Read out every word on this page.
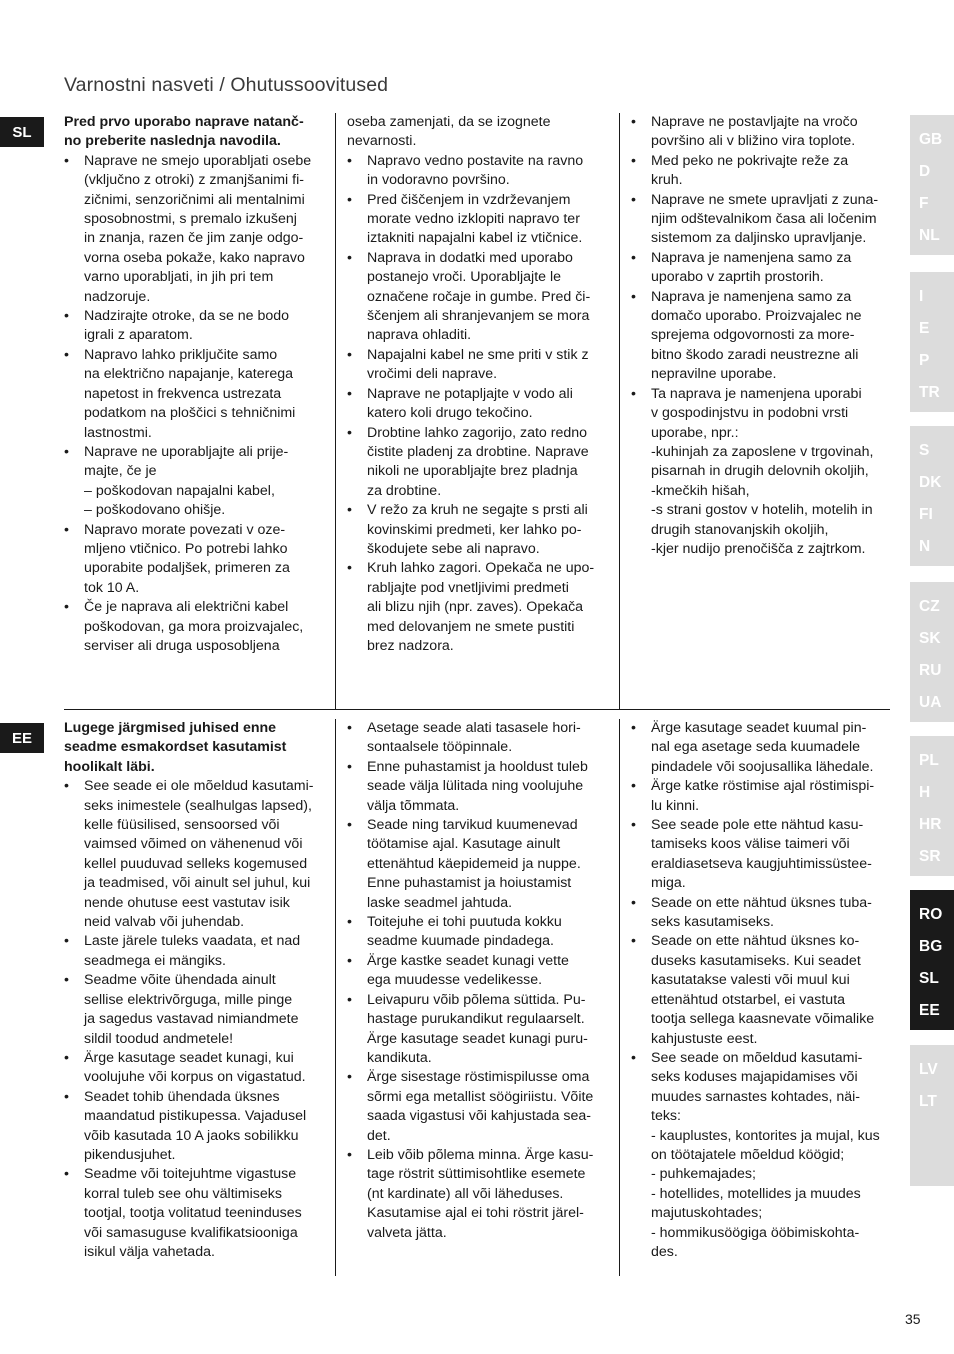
Varnostni nasveti / Ohutussoovitused
SL
Pred prvo uporabo naprave natanč-
no preberite naslednja navodila.
• Naprave ne smejo uporabljati osebe
(vključno z otroki) z zmanjšanimi fi-
zičnimi, senzoričnimi ali mentalnimi
sposobnostmi, s premalo izkušenj
in znanja, razen če jim zanje odgo-
vorna oseba pokaže, kako napravo
varno uporabljati, in jih pri tem
nadzoruje.
• Nadzirajte otroke, da se ne bodo
igrali z aparatom.
• Napravo lahko priključite samo
na električno napajanje, katerega
napetost in frekvenca ustrezata
podatkom na ploščici s tehničnimi
lastnostmi.
• Naprave ne uporabljajte ali prije-
majte, če je
– poškodovan napajalni kabel,
– poškodovano ohišje.
• Napravo morate povezati v oze-
mljeno vtičnico. Po potrebi lahko
uporabite podaljšek, primeren za
tok 10 A.
• Če je naprava ali električni kabel
poškodovan, ga mora proizvajalec,
serviser ali druga usposobljena
oseba zamenjati, da se izognete
nevarnosti.
• Napravo vedno postavite na ravno
in vodoravno površino.
• Pred čiščenjem in vzdrževanjem
morate vedno izklopiti napravo ter
iztakniti napajalni kabel iz vtičnice.
• Naprava in dodatki med uporabo
postanejo vroči. Uporabljajte le
označene ročaje in gumbe. Pred či-
ščenjem ali shranjevanjem se mora
naprava ohladiti.
• Napajalni kabel ne sme priti v stik z
vročimi deli naprave.
• Naprave ne potapljajte v vodo ali
katero koli drugo tekočino.
• Drobtine lahko zagorijo, zato redno
čistite pladenj za drobtine. Naprave
nikoli ne uporabljajte brez pladnja
za drobtine.
• V režo za kruh ne segajte s prsti ali
kovinskimi predmeti, ker lahko po-
škodujete sebe ali napravo.
• Kruh lahko zagori. Opekača ne upo-
rabljajte pod vnetljivimi predmeti
ali blizu njih (npr. zaves). Opekača
med delovanjem ne smete pustiti
brez nadzora.
• Naprave ne postavljajte na vročo
površino ali v bližino vira toplote.
• Med peko ne pokrivajte reže za
kruh.
• Naprave ne smete upravljati z zuna-
njim odštevalnikom časa ali ločenim
sistemom za daljinsko upravljanje.
• Naprava je namenjena samo za
uporabo v zaprtih prostorih.
• Naprava je namenjena samo za
domačo uporabo. Proizvajalec ne
sprejema odgovornosti za more-
bitno škodo zaradi neustrezne ali
nepravilne uporabe.
• Ta naprava je namenjena uporabi
v gospodinjstvu in podobni vrsti
uporabe, npr.:
-kuhinjah za zaposlene v trgovinah,
pisarnah in drugih delovnih okoljih,
-kmečkih hišah,
-s strani gostov v hotelih, motelih in
drugih stanovanjskih okoljih,
-kjer nudijo prenočišča z zajtrkom.
EE
Lugege järgmised juhised enne
seadme esmakordset kasutamist
hoolikalt läbi.
• See seade ei ole mõeldud kasutami-
seks inimestele (sealhulgas lapsed),
kelle füüsilised, sensoorsed või
vaimsed võimed on vähenenud või
kellel puuduvad selleks kogemused
ja teadmised, või ainult sel juhul, kui
nende ohutuse eest vastutav isik
neid valvab või juhendab.
• Laste järele tuleks vaadata, et nad
seadmega ei mängiks.
• Seadme võite ühendada ainult
sellise elektrivõrguga, mille pinge
ja sagedus vastavad nimiandmete
sildil toodud andmetele!
• Ärge kasutage seadet kunagi, kui
voolujuhe või korpus on vigastatud.
• Seadet tohib ühendada üksnes
maandatud pistikupessa. Vajadusel
võib kasutada 10 A jaoks sobilikku
pikendusjuhet.
• Seadme või toitejuhtme vigastuse
korral tuleb see ohu vältimiseks
tootjal, tootja volitatud teeninduses
või samasuguse kvalifikatsiooniga
isikul välja vahetada.
• Asetage seade alati tasasele hori-
sontaalsele tööpinnale.
• Enne puhastamist ja hooldust tuleb
seade välja lülitada ning voolujuhe
välja tõmmata.
• Seade ning tarvikud kuumenevad
töötamise ajal. Kasutage ainult
ettenähtud käepidemeid ja nuppe.
Enne puhastamist ja hoiustamist
laske seadmel jahtuda.
• Toitejuhe ei tohi puutuda kokku
seadme kuumade pindadega.
• Ärge kastke seadet kunagi vette
ega muudesse vedelikesse.
• Leivapuru võib põlema süttida. Pu-
hastage purukandikut regulaarselt.
Ärge kasutage seadet kunagi puru-
kandikuta.
• Ärge sisestage röstimispilusse oma
sõrmi ega metallist söögiriistu. Võite
saada vigastusi või kahjustada sea-
det.
• Leib võib põlema minna. Ärge kasu-
tage röstrit süttimisohtlike esemete
(nt kardinate) all või läheduses.
Kasutamise ajal ei tohi röstrit järel-
valveta jätta.
• Ärge kasutage seadet kuumal pin-
nal ega asetage seda kuumadele
pindadele või soojusallika lähedale.
• Ärge katke röstimise ajal röstimispi-
lu kinni.
• See seade pole ette nähtud kasu-
tamiseks koos välise taimeri või
eraldiasetseva kaugjuhtimissüstee-
miga.
• Seade on ette nähtud üksnes tuba-
seks kasutamiseks.
• Seade on ette nähtud üksnes ko-
duseks kasutamiseks. Kui seadet
kasutatakse valesti või muul kui
ettenähtud otstarbel, ei vastuta
tootja sellega kaasnevate võimalike
kahjustuste eest.
• See seade on mõeldud kasutami-
seks koduses majapidamises või
muudes sarnastes kohtades, näi-
teks:
- kauplustes, kontorites ja mujal, kus
on töötajatele mõeldud köögid;
- puhkemajades;
- hotellides, motellides ja muudes
majutuskohtades;
- hommikusöögiga ööbimiskohta-
des.
GB
D
F
NL
I
E
P
TR
S
DK
FI
N
CZ
SK
RU
UA
PL
H
HR
SR
RO
BG
SL
EE
LV
LT
35
